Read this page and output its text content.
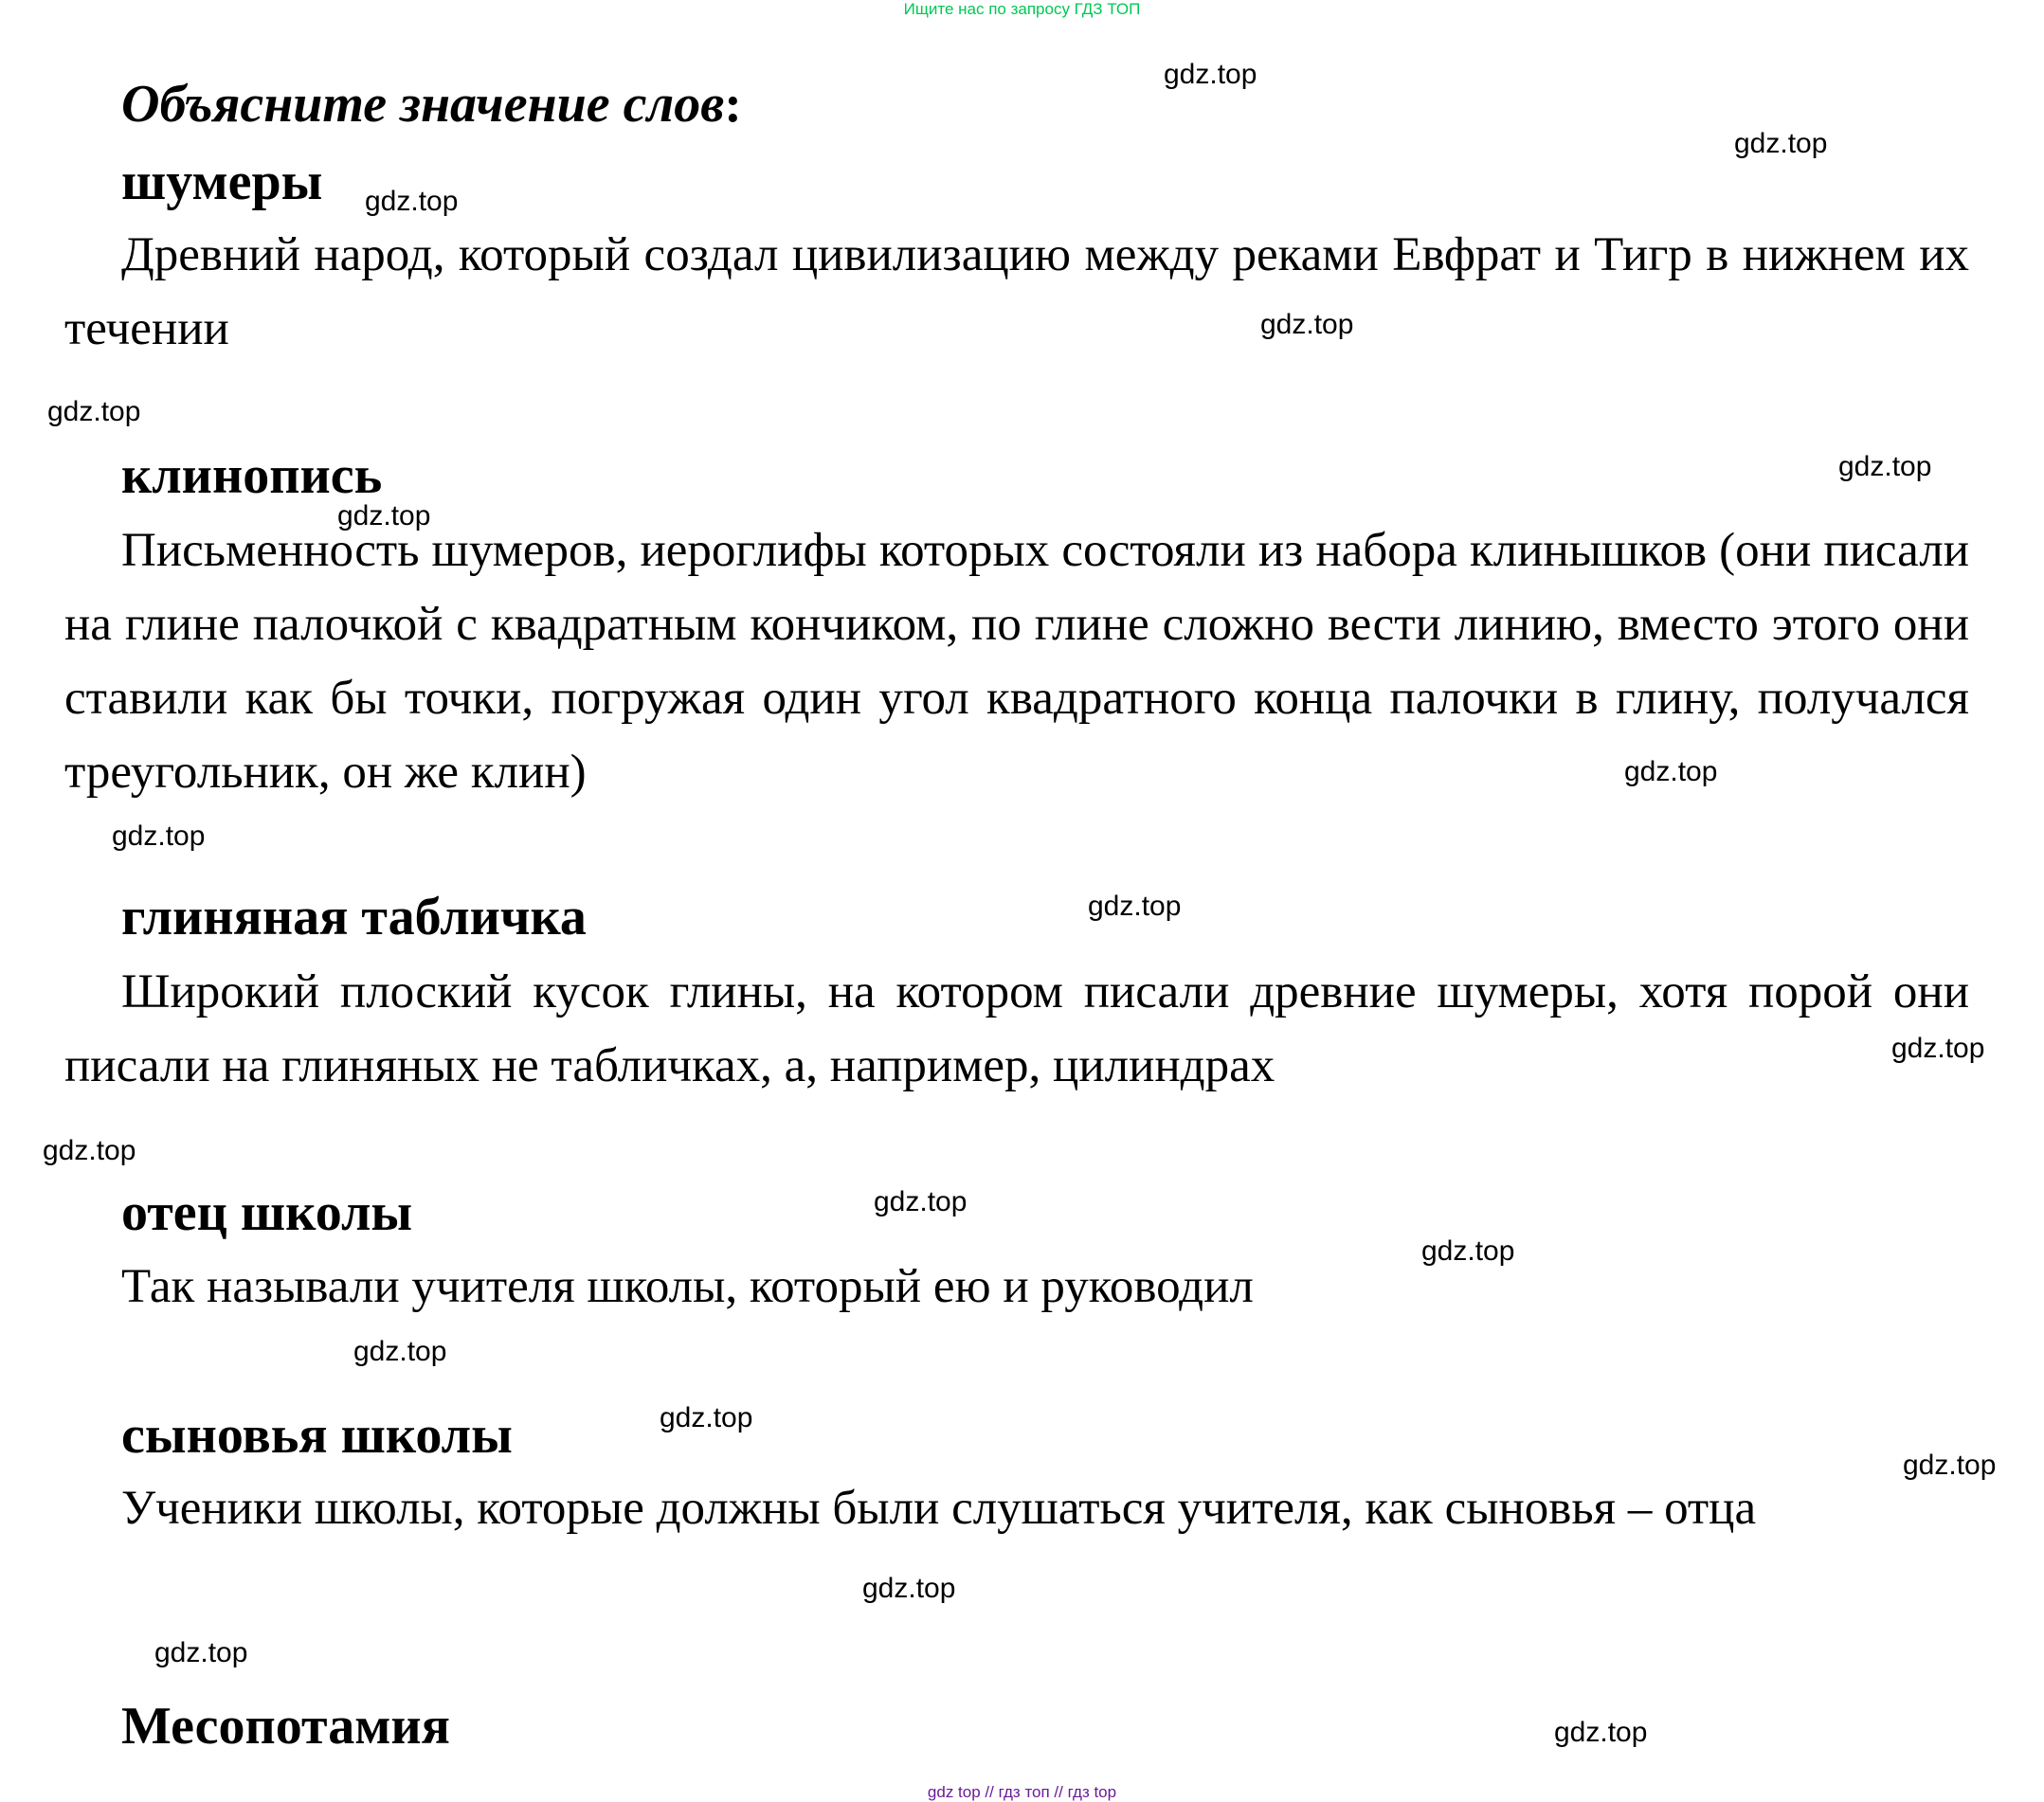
Ищите нас по запросу ГДЗ ТОП
Объясните значение слов:
шумеры

Древний народ, который создал цивилизацию между реками Евфрат и Тигр в нижнем их течении

клинопись

Письменность шумеров, иероглифы которых состояли из набора клинышков (они писали на глине палочкой с квадратным кончиком, по глине сложно вести линию, вместо этого они ставили как бы точки, погружая один угол квадратного конца палочки в глину, получался треугольник, он же клин)

глиняная табличка

Широкий плоский кусок глины, на котором писали древние шумеры, хотя порой они писали на глиняных не табличках, а, например, цилиндрах

отец школы

Так называли учителя школы, который ею и руководил

сыновья школы

Ученики школы, которые должны были слушаться учителя, как сыновья – отца

Месопотамия
gdz.top
gdz.top
gdz.top
gdz.top
gdz.top
gdz.top
gdz.top
gdz.top
gdz.top
gdz.top
gdz.top
gdz.top
gdz.top
gdz.top
gdz.top
gdz.top
gdz.top
gdz.top
gdz.top
gdz.top
gdz top // гдз топ // гдз top
